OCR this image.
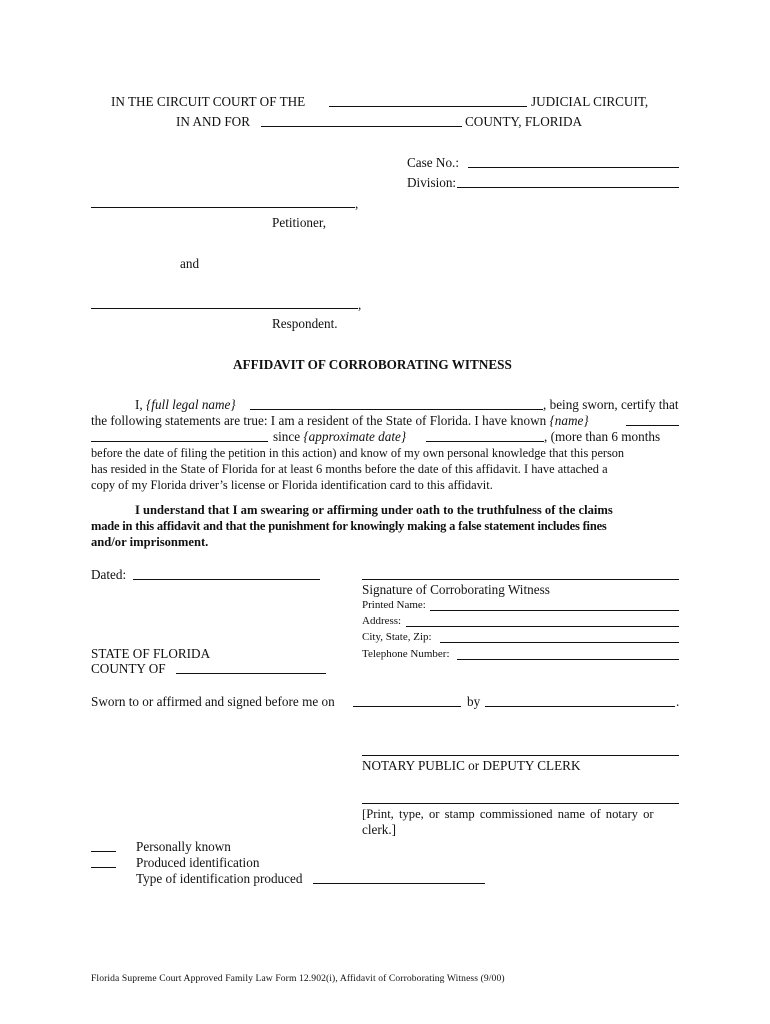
IN THE CIRCUIT COURT OF THE	JUDICIAL CIRCUIT,
IN AND FOR	COUNTY, FLORIDA
Case No.:
Division:
,
Petitioner,
and
,
Respondent.
AFFIDAVIT OF CORROBORATING WITNESS
I, {full legal name}	, being sworn, certify that
the following statements are true: I am a resident of the State of Florida. I have known {name}
since {approximate date}	, (more than 6 months
before the date of filing the petition in this action) and know of my own personal knowledge that this person
has resided in the State of Florida for at least 6 months before the date of this affidavit. I have attached a
copy of my Florida driver’s license or Florida identification card to this affidavit.
I understand that I am swearing or affirming under oath to the truthfulness of the claims
made in this affidavit and that the punishment for knowingly making a false statement includes fines
and/or imprisonment.
Dated:
Signature of Corroborating Witness
Printed Name:
Address:
City, State, Zip:
Telephone Number:
STATE OF FLORIDA
COUNTY OF
Sworn to or affirmed and signed before me on	by	.
NOTARY PUBLIC or DEPUTY CLERK
[Print, type, or stamp commissioned name of notary or
clerk.]
Personally known
Produced identification
Type of identification produced
Florida Supreme Court Approved Family Law Form 12.902(i), Affidavit of Corroborating Witness (9/00)
